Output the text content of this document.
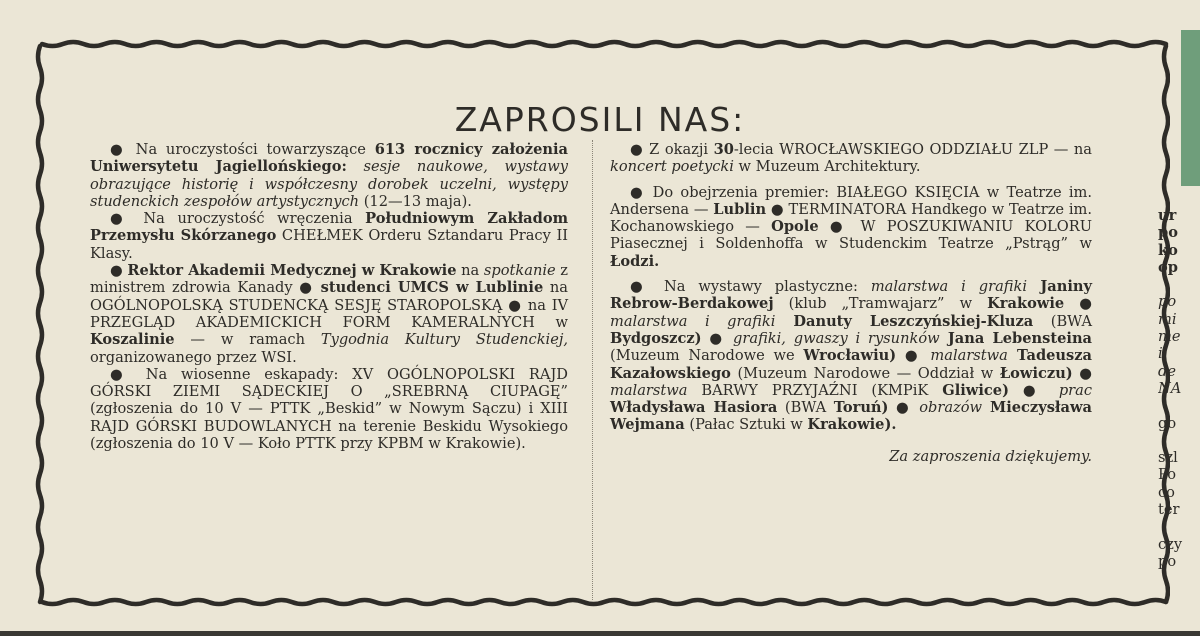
ZAPROSILI NAS:

● Na uroczystości towarzyszące 613 rocznicy założenia Uniwersytetu Jagiellońskiego: sesje naukowe, wystawy obrazujące historię i współczesny dorobek uczelni, występy studenckich zespołów artystycznych (12—13 maja).

● Na uroczystość wręczenia Południowym Zakładom Przemysłu Skórzanego CHEŁMEK Orderu Sztandaru Pracy II Klasy.

● Rektor Akademii Medycznej w Krakowie na spotkanie z ministrem zdrowia Kanady ● studenci UMCS w Lublinie na OGÓLNOPOLSKĄ STUDENCKĄ SESJĘ STAROPOLSKĄ ● na IV PRZEGLĄD AKADEMICKICH FORM KAMERALNYCH w Koszalinie — w ramach Tygodnia Kultury Studenckiej, organizowanego przez WSI.

● Na wiosenne eskapady: XV OGÓLNOPOLSKI RAJD GÓRSKI ZIEMI SĄDECKIEJ O „SREBRNĄ CIUPAGĘ” (zgłoszenia do 10 V — PTTK „Beskid” w Nowym Sączu) i XIII RAJD GÓRSKI BUDOWLANYCH na terenie Beskidu Wysokiego (zgłoszenia do 10 V — Koło PTTK przy KPBM w Krakowie).

● Z okazji 30-lecia WROCŁAWSKIEGO ODDZIAŁU ZLP — na koncert poetycki w Muzeum Architektury.

● Do obejrzenia premier: BIAŁEGO KSIĘCIA w Teatrze im. Andersena — Lublin ● TERMINATORA Handkego w Teatrze im. Kochanowskiego — Opole ● W POSZUKIWANIU KOLORU Piasecznej i Soldenhoffa w Studenckim Teatrze „Pstrąg” w Łodzi.

● Na wystawy plastyczne: malarstwa i grafiki Janiny Rebrow-Berdakowej (klub „Tramwajarz” w Krakowie ● malarstwa i grafiki Danuty Leszczyńskiej-Kluza (BWA Bydgoszcz) ● grafiki, gwaszy i rysunków Jana Lebensteina (Muzeum Narodowe we Wrocławiu) ● malarstwa Tadeusza Kazałowskiego (Muzeum Narodowe — Oddział w Łowiczu) ● malarstwa BARWY PRZYJAŹNI (KMPiK Gliwice) ● prac Władysława Hasiora (BWA Toruń) ● obrazów Mieczysława Wejmana (Pałac Sztuki w Krakowie).

Za zaproszenia dziękujemy.

ur
po
ko
op
po
mi
me
i
de
NA
go
szl
Po
co
ter
czy
po
